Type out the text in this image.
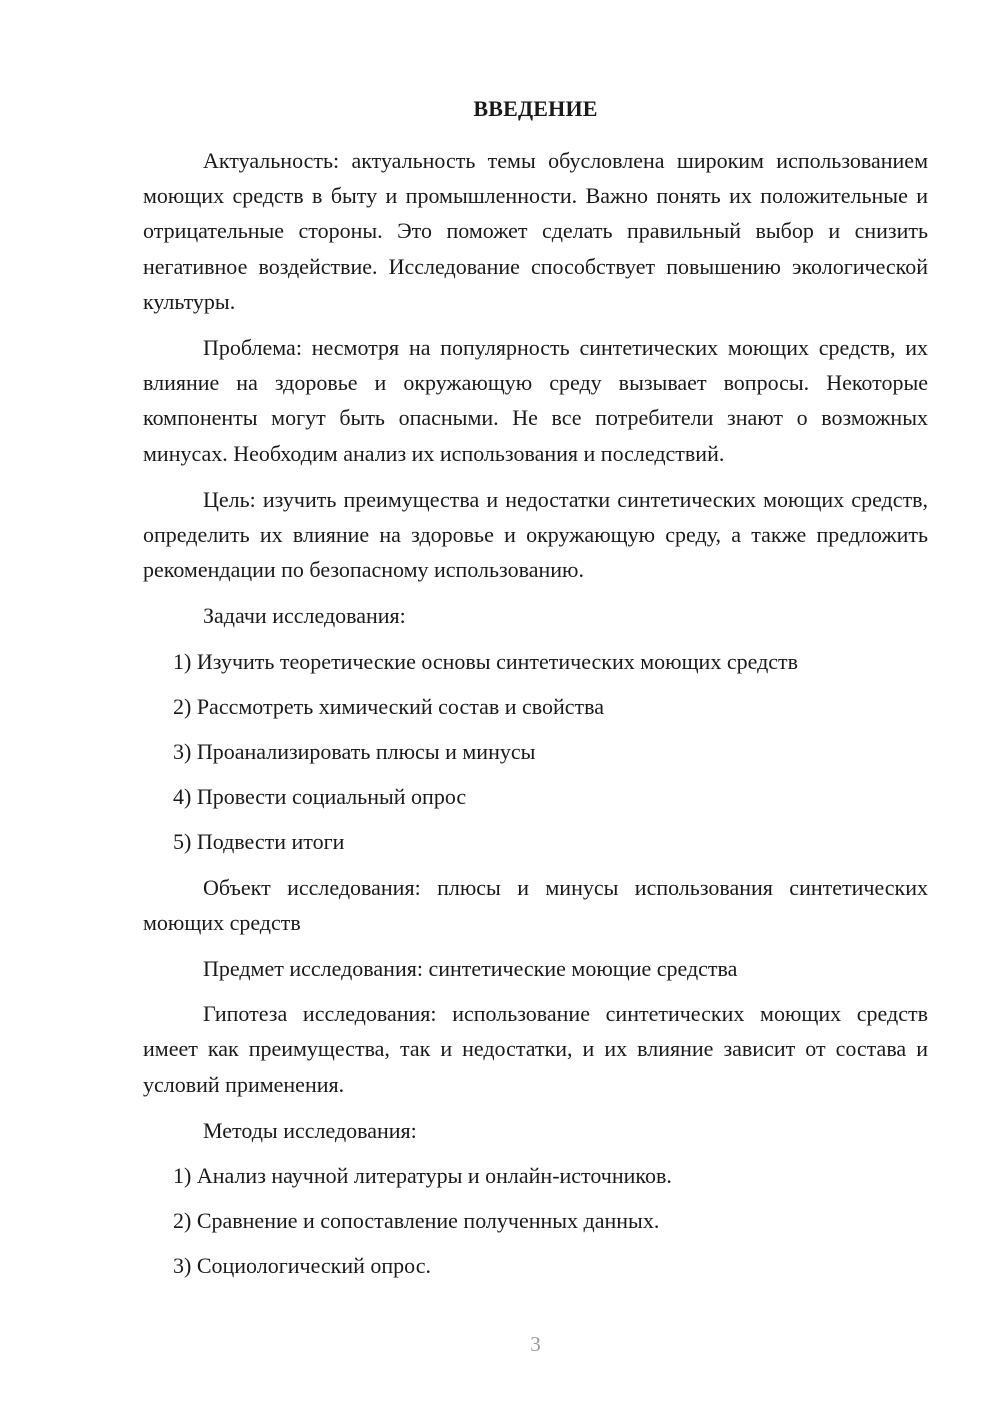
ВВЕДЕНИЕ

Актуальность: актуальность темы обусловлена широким использованием моющих средств в быту и промышленности. Важно понять их положительные и отрицательные стороны. Это поможет сделать правильный выбор и снизить негативное воздействие. Исследование способствует повышению экологической культуры.

Проблема: несмотря на популярность синтетических моющих средств, их влияние на здоровье и окружающую среду вызывает вопросы. Некоторые компоненты могут быть опасными. Не все потребители знают о возможных минусах. Необходим анализ их использования и последствий.

Цель: изучить преимущества и недостатки синтетических моющих средств, определить их влияние на здоровье и окружающую среду, а также предложить рекомендации по безопасному использованию.

Задачи исследования:

1) Изучить теоретические основы синтетических моющих средств
2) Рассмотреть химический состав и свойства
3) Проанализировать плюсы и минусы
4) Провести социальный опрос
5) Подвести итоги

Объект исследования: плюсы и минусы использования синтетических моющих средств

Предмет исследования: синтетические моющие средства

Гипотеза исследования: использование синтетических моющих средств имеет как преимущества, так и недостатки, и их влияние зависит от состава и условий применения.

Методы исследования:

1) Анализ научной литературы и онлайн-источников.
2) Сравнение и сопоставление полученных данных.
3) Социологический опрос.
3
